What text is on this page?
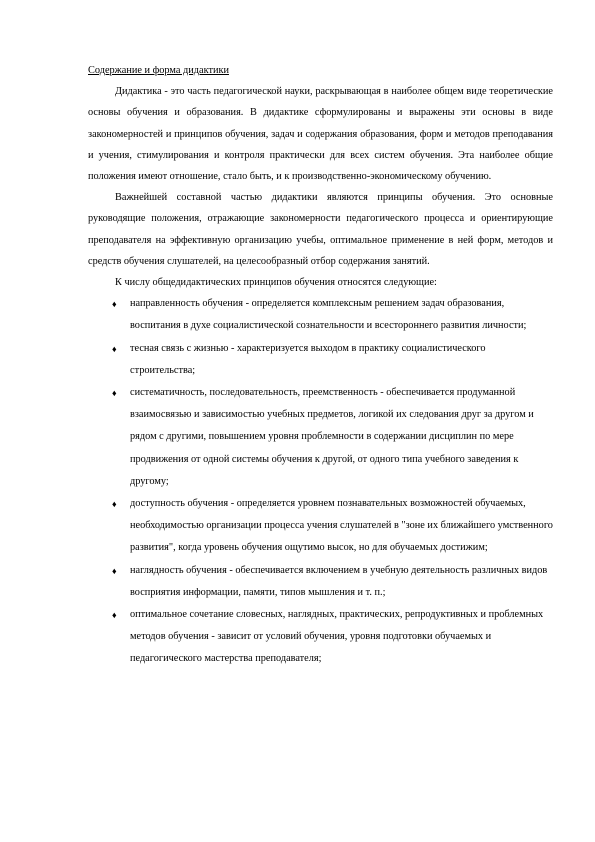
Содержание и форма дидактики

Дидактика - это часть педагогической науки, раскрывающая в наиболее общем виде теоретические основы обучения и образования. В дидактике сформулированы и выражены эти основы в виде закономерностей и принципов обучения, задач и содержания образования, форм и методов преподавания и учения, стимулирования и контроля практически для всех систем обучения. Эта наиболее общие положения имеют отношение, стало быть, и к производственно-экономическому обучению.

Важнейшей составной частью дидактики являются принципы обучения. Это основные руководящие положения, отражающие закономерности педагогического процесса и ориентирующие преподавателя на эффективную организацию учебы, оптимальное применение в ней форм, методов и средств обучения слушателей, на целесообразный отбор содержания занятий.

К числу общедидактических принципов обучения относятся следующие:

♦ направленность обучения - определяется комплексным решением задач образования, воспитания в духе социалистической сознательности и всестороннего развития личности;
♦ тесная связь с жизнью - характеризуется выходом в практику социалистического строительства;
♦ систематичность, последовательность, преемственность - обеспечивается продуманной взаимосвязью и зависимостью учебных предметов, логикой их следования друг за другом и рядом с другими, повышением уровня проблемности в содержании дисциплин по мере продвижения от одной системы обучения к другой, от одного типа учебного заведения к другому;
♦ доступность обучения - определяется уровнем познавательных возможностей обучаемых, необходимостью организации процесса учения слушателей в "зоне их ближайшего умственного развития", когда уровень обучения ощутимо высок, но для обучаемых достижим;
♦ наглядность обучения - обеспечивается включением в учебную деятельность различных видов восприятия информации, памяти, типов мышления и т. п.;
♦ оптимальное сочетание словесных, наглядных, практических, репродуктивных и проблемных методов обучения - зависит от условий обучения, уровня подготовки обучаемых и педагогического мастерства преподавателя;
